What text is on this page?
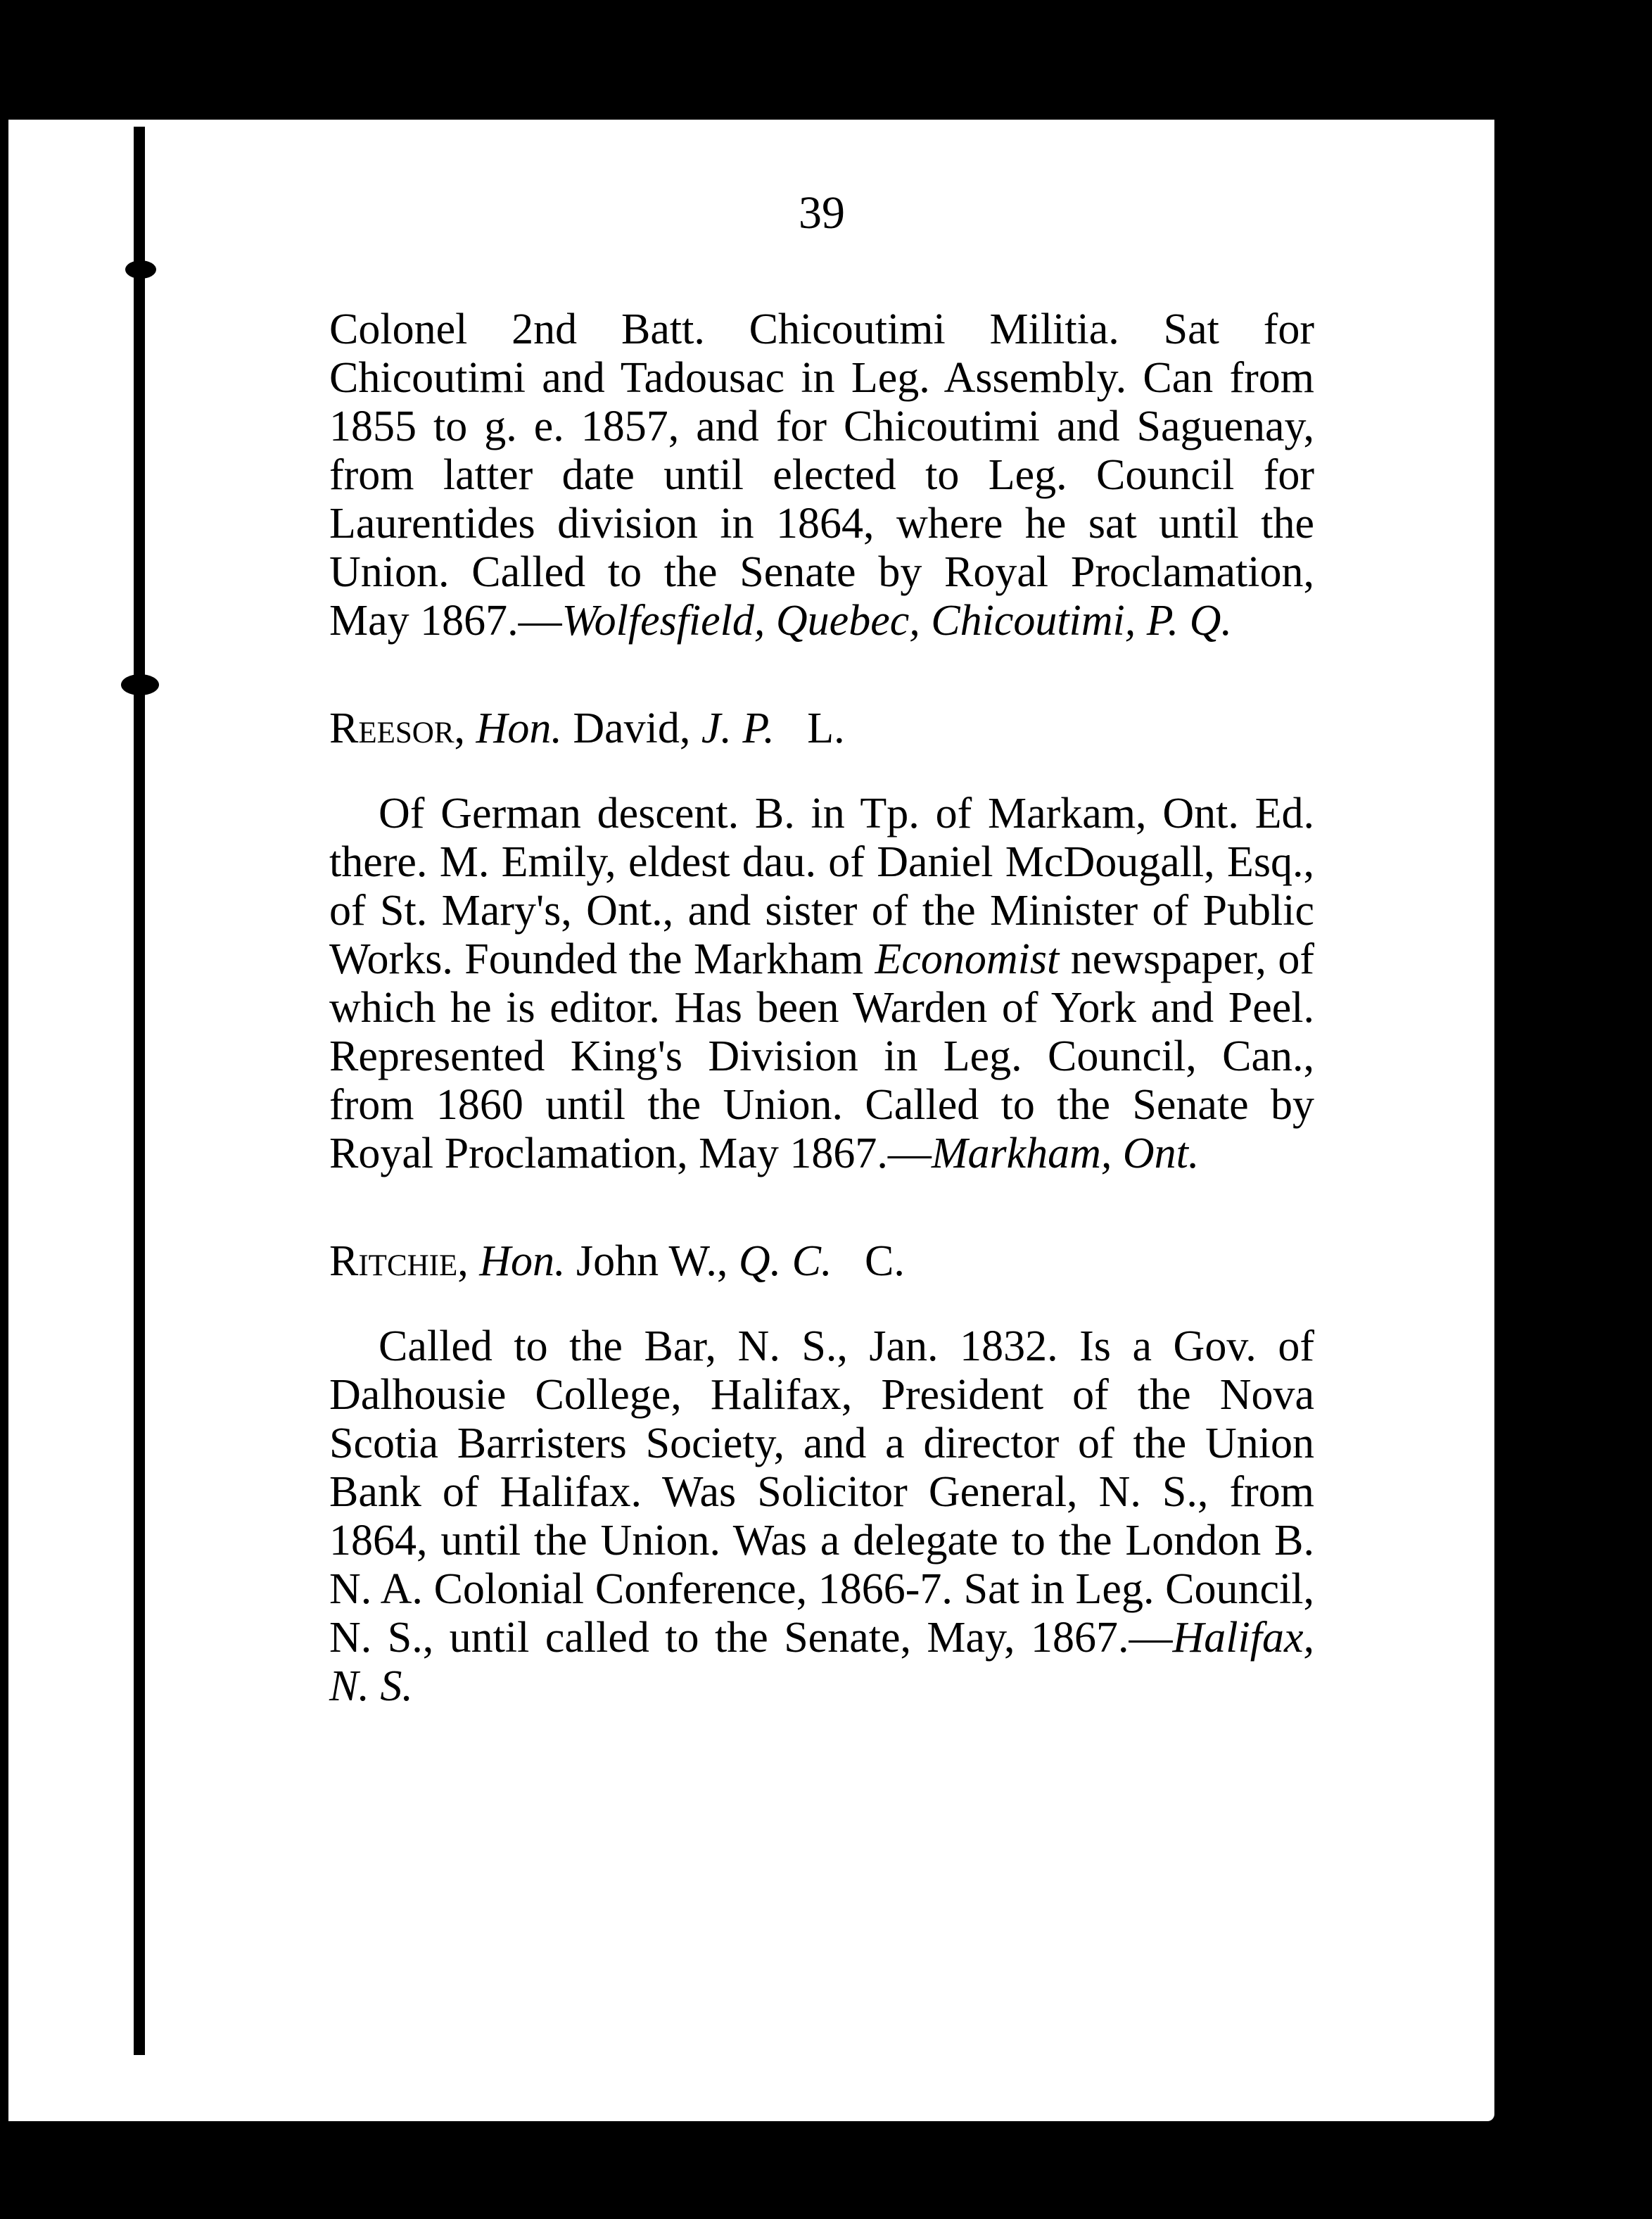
39

Colonel 2nd Batt. Chicoutimi Militia. Sat for Chicoutimi and Tadousac in Leg. Assembly. Can from 1855 to g. e. 1857, and for Chicoutimi and Saguenay, from latter date until elected to Leg. Council for Laurentides division in 1864, where he sat until the Union. Called to the Senate by Royal Proclamation, May 1867.—Wolfesfield, Quebec, Chicoutimi, P. Q.

Reesor, Hon. David, J. P. L.

Of German descent. B. in Tp. of Markam, Ont. Ed. there. M. Emily, eldest dau. of Daniel McDougall, Esq., of St. Mary's, Ont., and sister of the Minister of Public Works. Founded the Markham Economist newspaper, of which he is editor. Has been Warden of York and Peel. Represented King's Division in Leg. Council, Can., from 1860 until the Union. Called to the Senate by Royal Proclamation, May 1867.—Markham, Ont.

Ritchie, Hon. John W., Q. C. C.

Called to the Bar, N. S., Jan. 1832. Is a Gov. of Dalhousie College, Halifax, President of the Nova Scotia Barristers Society, and a director of the Union Bank of Halifax. Was Solicitor General, N. S., from 1864, until the Union. Was a delegate to the London B. N. A. Colonial Conference, 1866-7. Sat in Leg. Council, N. S., until called to the Senate, May, 1867.—Halifax, N. S.
